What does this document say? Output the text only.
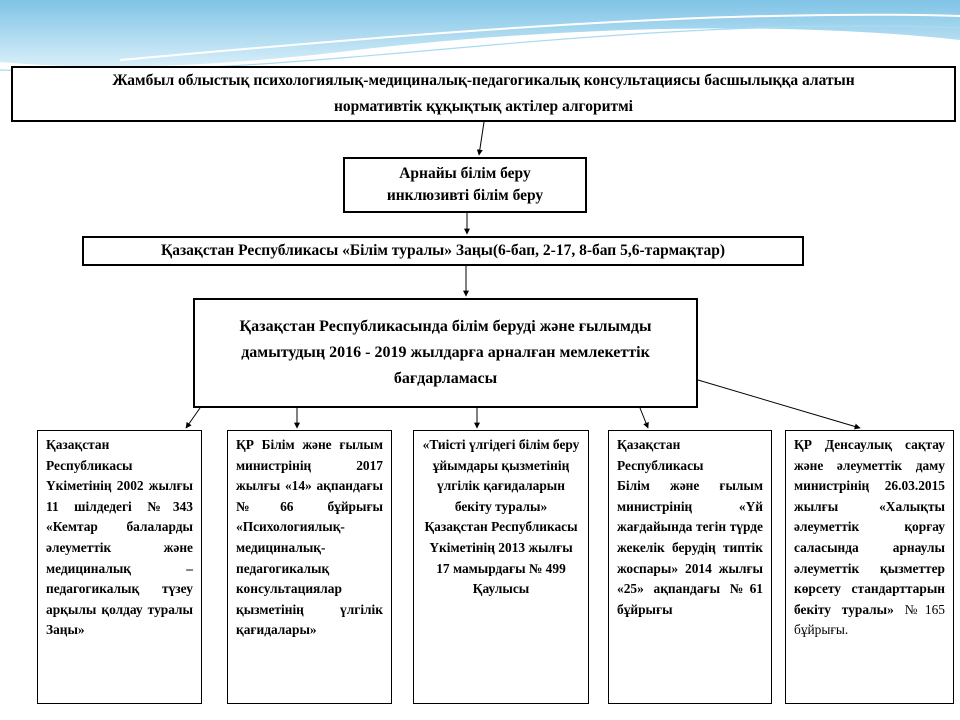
Жамбыл облыстық психологиялық-медициналық-педагогикалық консультациясы басшылыққа алатын
нормативтік құқықтық актілер алгоритмі
Арнайы білім беру
инклюзивті білім беру
Қазақстан Республикасы «Білім туралы» Заңы(6-бап, 2-17, 8-бап 5,6-тармақтар)
Қазақстан Республикасында білім беруді және ғылымды дамытудың 2016 - 2019 жылдарға арналған мемлекеттік бағдарламасы
Қазақстан Республикасы Үкіметінің 2002 жылғы 11 шілдедегі №343 «Кемтар балаларды әлеуметтік және медициналық – педагогикалық түзеу арқылы қолдау туралы Заңы»
ҚР Білім және ғылым министрінің 2017 жылғы «14» ақпандағы №66 бұйрығы «Психологиялық-медициналық-педагогикалық консультациялар қызметінің үлгілік қағидалары»
«Тиісті үлгідегі білім беру ұйымдары қызметінің үлгілік қағидаларын бекіту туралы» Қазақстан Республикасы Үкіметінің 2013 жылғы 17 мамырдағы № 499 Қаулысы
Қазақстан Республикасы
Білім және ғылым министрінің «Үй жағдайында тегін түрде жекелік берудің типтік жоспары» 2014 жылғы «25» ақпандағы №61 бұйрығы
ҚР Денсаулық сақтау және әлеуметтік даму министрінің 26.03.2015 жылғы «Халықты әлеуметтік қорғау саласында арнаулы әлеуметтік қызметтер көрсету стандарттарын бекіту туралы» №165 бұйрығы.
